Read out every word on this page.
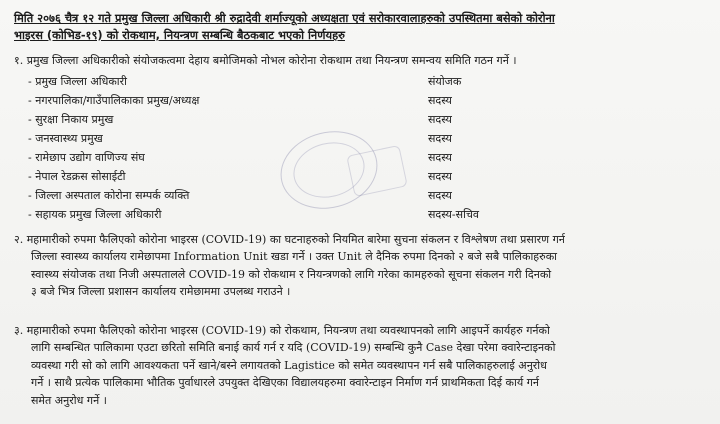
मिति २०७६ चैत्र १२ गते प्रमुख जिल्ला अधिकारी श्री रुद्रादेवी शर्माज्यूको अध्यक्षता एवं सरोकारवालाहरुको उपस्थितमा बसेको कोरोना
भाइरस (कोभिड-१९) को रोकथाम, नियन्त्रण सम्बन्धि बैठकबाट भएको निर्णयहरु
१. प्रमुख जिल्ला अधिकारीको संयोजकत्वमा देहाय बमोजिमको नोभल कोरोना रोकथाम तथा नियन्त्रण समन्वय समिति गठन गर्ने ।
- प्रमुख जिल्ला अधिकारी	संयोजक
- नगरपालिका/गाउँपालिकाका प्रमुख/अध्यक्ष	सदस्य
- सुरक्षा निकाय प्रमुख	सदस्य
- जनस्वास्थ्य प्रमुख	सदस्य
- रामेछाप उद्योग वाणिज्य संघ	सदस्य
- नेपाल रेडक्रस सोसाईटी	सदस्य
- जिल्ला अस्पताल कोरोना सम्पर्क व्यक्ति	सदस्य
- सहायक प्रमुख जिल्ला अधिकारी	सदस्य-सचिव
२. महामारीको रुपमा फैलिएको कोरोना भाइरस (COVID-19) का घटनाहरुको नियमित बारेमा सुचना संकलन र विश्लेषण तथा प्रसारण गर्न
जिल्ला स्वास्थ्य कार्यालय रामेछापमा Information Unit खडा गर्ने । उक्त Unit ले दैनिक रुपमा दिनको २ बजे सबै पालिकाहरुका
स्वास्थ्य संयोजक तथा निजी अस्पतालले COVID-19 को रोकथाम र नियन्त्रणको लागि गरेका कामहरुको सूचना संकलन गरी दिनको
३ बजे भित्र जिल्ला प्रशासन कार्यालय रामेछाममा उपलब्ध गराउने ।
३. महामारीको रुपमा फैलिएको कोरोना भाइरस (COVID-19) को रोकथाम, नियन्त्रण तथा व्यवस्थापनको लागि आइपर्ने कार्यहरु गर्नको
लागि सम्बन्धित पालिकामा एउटा छरितो समिति बनाई कार्य गर्न र यदि (COVID-19) सम्बन्धि कुनै Case देखा परेमा क्वारेन्टाइनको
व्यवस्था गरी सो को लागि आवश्यकता पर्ने खाने/बस्ने लगायतको Lagistice को समेत व्यवस्थापन गर्न सबै पालिकाहरुलाई अनुरोध
गर्ने । साथै प्रत्येक पालिकामा भौतिक पुर्वाधारले उपयुक्त देखिएका विद्यालयहरुमा क्वारेन्टाइन निर्माण गर्न प्राथमिकता दिई कार्य गर्न
समेत अनुरोध गर्ने ।
